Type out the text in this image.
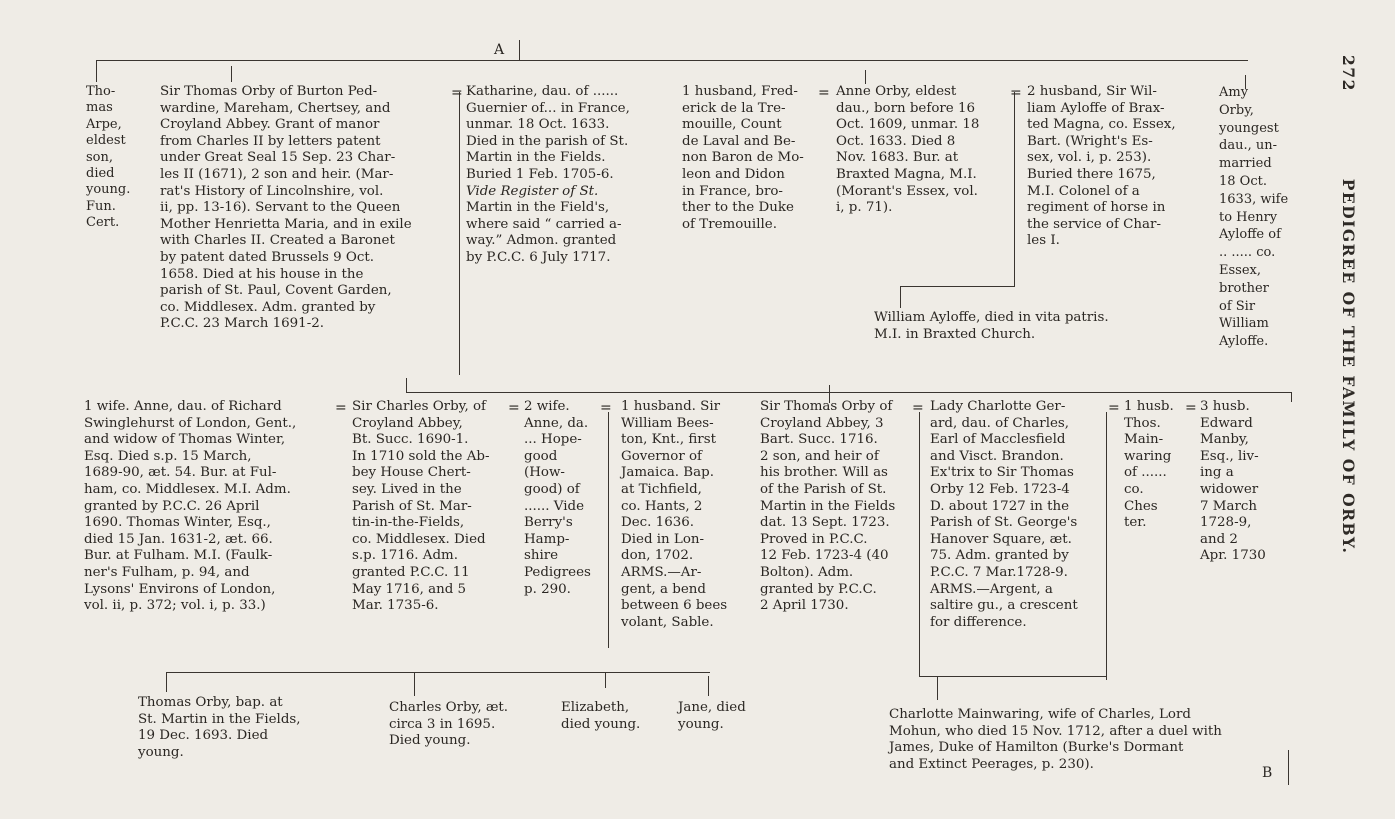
272 PEDIGREE OF THE FAMILY OF ORBY.
A
B
Tho-
mas
Arpe,
eldest
son,
died
young.
Fun.
Cert.
Sir Thomas Orby of Burton Ped-
wardine, Mareham, Chertsey, and
Croyland Abbey. Grant of manor
from Charles II by letters patent
under Great Seal 15 Sep. 23 Char-
les II (1671), 2 son and heir. (Mar-
rat's History of Lincolnshire, vol.
ii, pp. 13-16). Servant to the Queen
Mother Henrietta Maria, and in exile
with Charles II. Created a Baronet
by patent dated Brussels 9 Oct.
1658. Died at his house in the
parish of St. Paul, Covent Garden,
co. Middlesex. Adm. granted by
P.C.C. 23 March 1691-2.
= Katharine, dau. of ......
Guernier of... in France,
unmar. 18 Oct. 1633.
Died in the parish of St.
Martin in the Fields.
Buried 1 Feb. 1705-6.
Vide Register of St.
Martin in the Field's,
where said “ carried a-
way.” Admon. granted
by P.C.C. 6 July 1717.
1 husband, Fred-
erick de la Tre-
mouille, Count
de Laval and Be-
non Baron de Mo-
leon and Didon
in France, bro-
ther to the Duke
of Tremouille.
= Anne Orby, eldest
dau., born before 16
Oct. 1609, unmar. 18
Oct. 1633. Died 8
Nov. 1683. Bur. at
Braxted Magna, M.I.
(Morant's Essex, vol.
i, p. 71).
= 2 husband, Sir Wil-
liam Ayloffe of Brax-
ted Magna, co. Essex,
Bart. (Wright's Es-
sex, vol. i, p. 253).
Buried there 1675,
M.I. Colonel of a
regiment of horse in
the service of Char-
les I.
Amy
Orby,
youngest
dau., un-
married
18 Oct.
1633, wife
to Henry
Ayloffe of
.. ..... co.
Essex,
brother
of Sir
William
Ayloffe.
William Ayloffe, died in vita patris.
M.I. in Braxted Church.
1 wife. Anne, dau. of Richard
Swinglehurst of London, Gent.,
and widow of Thomas Winter,
Esq. Died s.p. 15 March,
1689-90, æt. 54. Bur. at Ful-
ham, co. Middlesex. M.I. Adm.
granted by P.C.C. 26 April
1690. Thomas Winter, Esq.,
died 15 Jan. 1631-2, æt. 66.
Bur. at Fulham. M.I. (Faulk-
ner's Fulham, p. 94, and
Lysons' Environs of London,
vol. ii, p. 372; vol. i, p. 33.)
= Sir Charles Orby, of
Croyland Abbey,
Bt. Succ. 1690-1.
In 1710 sold the Ab-
bey House Chert-
sey. Lived in the
Parish of St. Mar-
tin-in-the-Fields,
co. Middlesex. Died
s.p. 1716. Adm.
granted P.C.C. 11
May 1716, and 5
Mar. 1735-6.
= 2 wife.
Anne, da.
... Hope-
good
(How-
good) of
...... Vide
Berry's
Hamp-
shire
Pedigrees
p. 290.
= 1 husband. Sir
William Bees-
ton, Knt., first
Governor of
Jamaica. Bap.
at Tichfield,
co. Hants, 2
Dec. 1636.
Died in Lon-
don, 1702.
ARMS.—Ar-
gent, a bend
between 6 bees
volant, Sable.
Sir Thomas Orby of
Croyland Abbey, 3
Bart. Succ. 1716.
2 son, and heir of
his brother. Will as
of the Parish of St.
Martin in the Fields
dat. 13 Sept. 1723.
Proved in P.C.C.
12 Feb. 1723-4 (40
Bolton). Adm.
granted by P.C.C.
2 April 1730.
= Lady Charlotte Ger-
ard, dau. of Charles,
Earl of Macclesfield
and Visct. Brandon.
Ex'trix to Sir Thomas
Orby 12 Feb. 1723-4
D. about 1727 in the
Parish of St. George's
Hanover Square, æt.
75. Adm. granted by
P.C.C. 7 Mar.1728-9.
ARMS.—Argent, a
saltire gu., a crescent
for difference.
= 1 husb.
Thos.
Main-
waring
of ......
co.
Ches
ter.
= 3 husb.
Edward
Manby,
Esq., liv-
ing a
widower
7 March
1728-9,
and 2
Apr. 1730
Thomas Orby, bap. at
St. Martin in the Fields,
19 Dec. 1693. Died
young.
Charles Orby, æt.
circa 3 in 1695.
Died young.
Elizabeth,
died young.
Jane, died
young.
Charlotte Mainwaring, wife of Charles, Lord
Mohun, who died 15 Nov. 1712, after a duel with
James, Duke of Hamilton (Burke's Dormant
and Extinct Peerages, p. 230).
